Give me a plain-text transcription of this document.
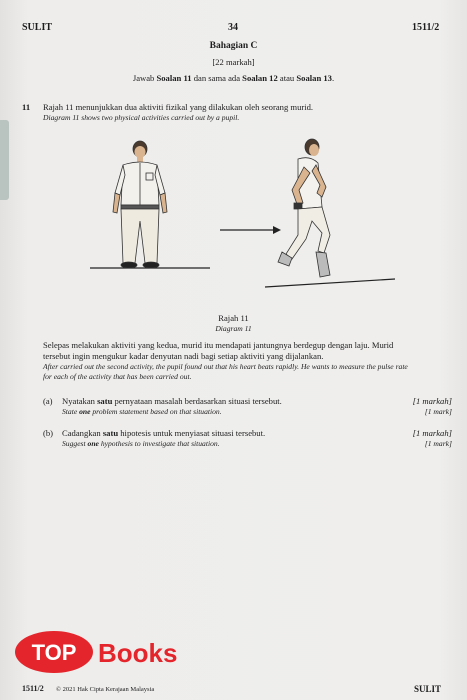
SULIT	34	1511/2
Bahagian C
[22 markah]
Jawab Soalan 11 dan sama ada Soalan 12 atau Soalan 13.
11 Rajah 11 menunjukkan dua aktiviti fizikal yang dilakukan oleh seorang murid.
Diagram 11 shows two physical activities carried out by a pupil.
Rajah 11
Diagram 11
Selepas melakukan aktiviti yang kedua, murid itu mendapati jantungnya berdegup dengan laju. Murid
tersebut ingin mengukur kadar denyutan nadi bagi setiap aktiviti yang dijalankan.
After carried out the second activity, the pupil found out that his heart beats rapidly. He wants to measure the pulse rate
for each of the activity that has been carried out.
(a) Nyatakan satu pernyataan masalah berdasarkan situasi tersebut.
State one problem statement based on that situation.
[1 markah]
[1 mark]
(b) Cadangkan satu hipotesis untuk menyiasat situasi tersebut.
Suggest one hypothesis to investigate that situation.
[1 markah]
[1 mark]
TOP Books
1511/2 © 2021 Hak Cipta Kerajaan Malaysia	SULIT
